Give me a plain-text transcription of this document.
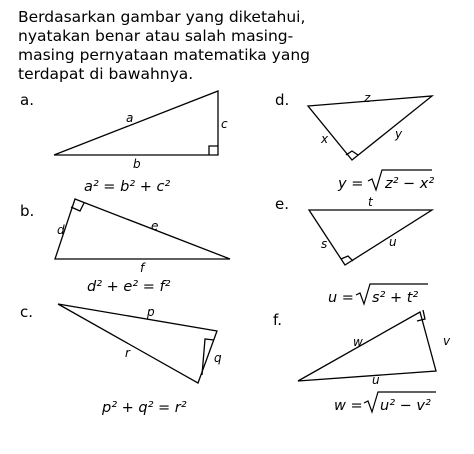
Berdasarkan gambar yang diketahui,
nyatakan benar atau salah masing-
masing pernyataan matematika yang
terdapat di bawahnya.
a.
b.
c.
d.
e.
f.
a
b
c
d	e
f
p
q
r
z
x	y
t
s	u
w	v
u
a² = b² + c²
d² + e² = f²
p² + q² = r²
y = z² − x²
u = s² + t²
w = u² − v²
